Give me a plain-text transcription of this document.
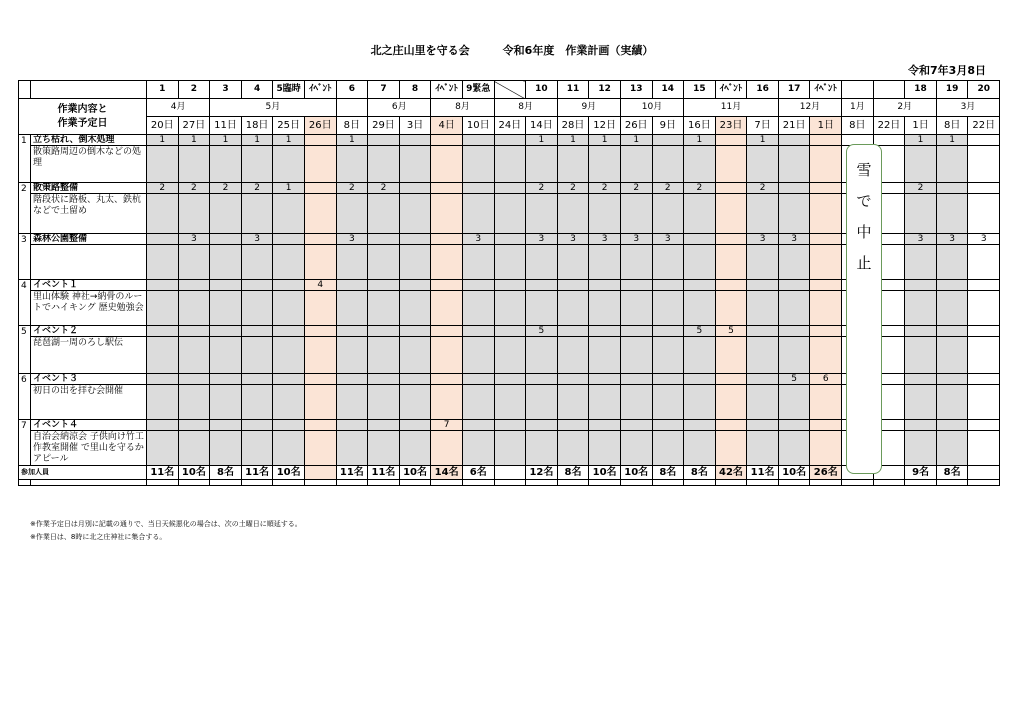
北之庄山里を守る会　　　令和6年度　作業計画（実績）
令和7年3月8日
		1	2	3	4	5臨時	ｲﾍﾞﾝﾄ	6	7	8	ｲﾍﾞﾝﾄ	9緊急		10	11	12	13	14	15	ｲﾍﾞﾝﾄ	16	17	ｲﾍﾞﾝﾄ			18	19	20

作業内容と
作業予定日		4月		5月					6月		8月		8月		9月		10月		11月			12月		1月	2月		3月	
		20日	27日	11日	18日	25日	26日	8日	29日	3日	4日	10日	24日	14日	28日	12日	26日	9日	16日	23日	7日	21日	1日	8日	22日	1日	8日	22日
1	立ち枯れ、倒木処理	1	1	1	1	1		1						1	1	1	1		1		1					1	1	
	散策路周辺の倒木などの処理																											
2	散策路整備	2	2	2	2	1		2	2					2	2	2	2	2	2		2					2		
	階段状に路板、丸太、鉄杭などで土留め																											
3	森林公園整備		3		3			3				3		3	3	3	3	3			3	3				3	3	3

4	イベント１						4																					
	里山体験 神社→納骨のルートでハイキング 歴史勉強会																											
5	イベント２													5					5	5								
	琵琶湖一周のろし駅伝																											
6	イベント３																					5	6					
	初日の出を拝む会開催																											
7	イベント４										7																	
	自治会納涼会 子供向け竹工作教室開催 で里山を守るかアピール																											
参加人員		11名	10名	8名	11名	10名		11名	11名	10名	14名	6名		12名	8名	10名	10名	8名	8名	42名	11名	10名	26名			9名	8名	

雪
で
中
止
※作業予定日は月別に記載の通りで、当日天候悪化の場合は、次の土曜日に順延する。
※作業日は、8時に北之庄神社に集合する。
